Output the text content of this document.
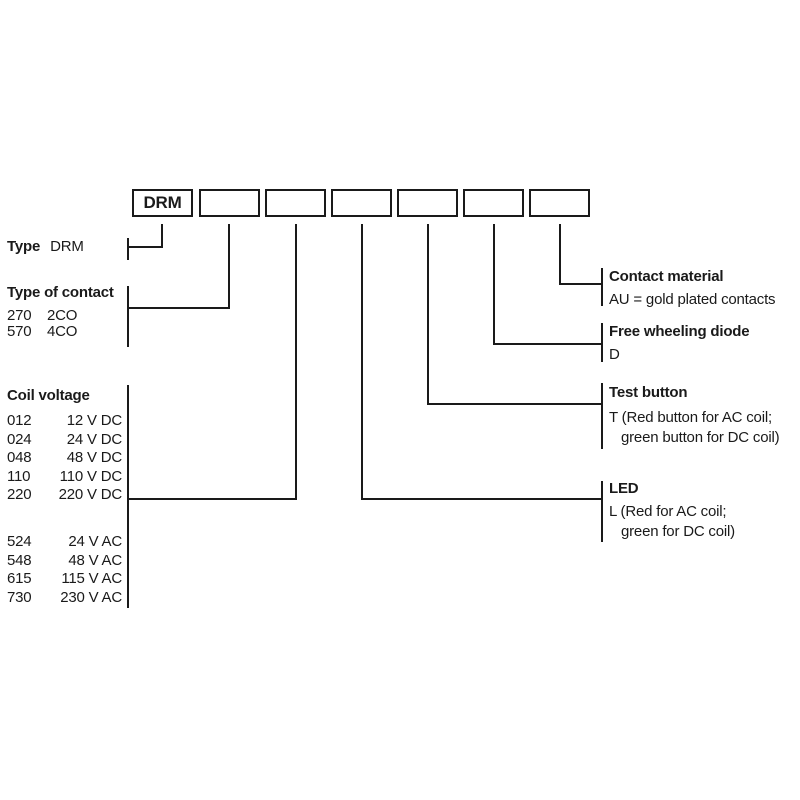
DRM
Type DRM
Type of contact
270	2CO
570	4CO
Coil voltage
012 12 V DC
024 24 V DC
048 48 V DC
110 110 V DC
220 220 V DC
524 24 V AC
548 48 V AC
615 115 V AC
730 230 V AC
Contact material
AU = gold plated contacts
Free wheeling diode
D
Test button
T (Red button for AC coil;
green button for DC coil)
LED
L (Red for AC coil;
green for DC coil)
